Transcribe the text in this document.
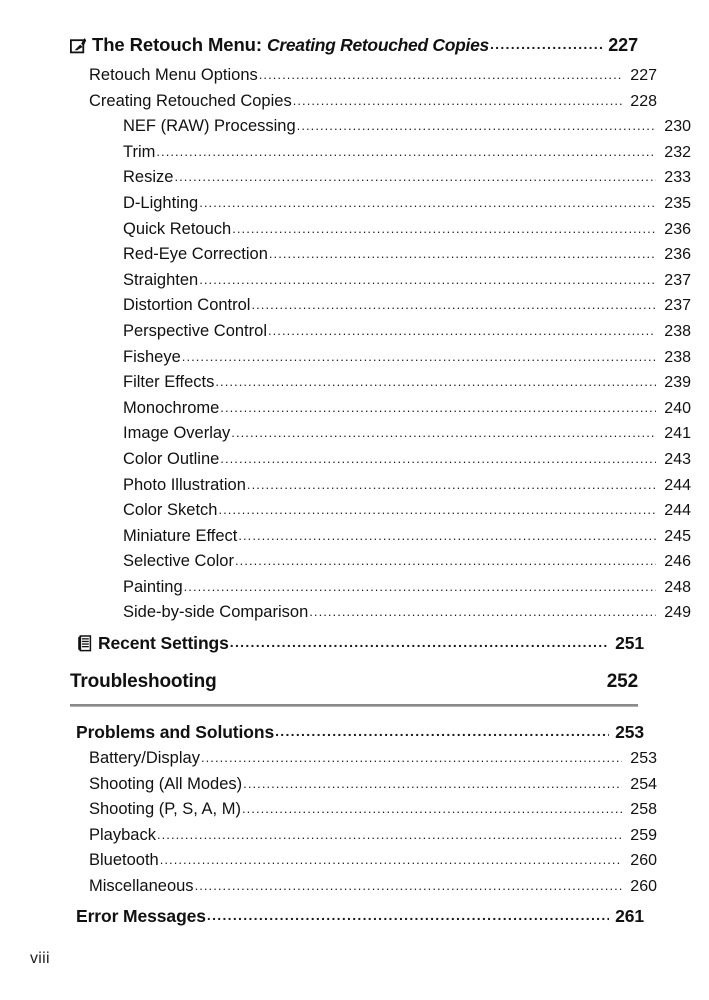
The Retouch Menu: Creating Retouched Copies .....	227
Retouch Menu Options .....	227
Creating Retouched Copies .....	228
NEF (RAW) Processing .....	230
Trim .....	232
Resize .....	233
D-Lighting .....	235
Quick Retouch .....	236
Red-Eye Correction .....	236
Straighten .....	237
Distortion Control .....	237
Perspective Control .....	238
Fisheye .....	238
Filter Effects .....	239
Monochrome .....	240
Image Overlay .....	241
Color Outline .....	243
Photo Illustration .....	244
Color Sketch .....	244
Miniature Effect .....	245
Selective Color .....	246
Painting .....	248
Side-by-side Comparison .....	249
Recent Settings .....	251
Troubleshooting	252
Problems and Solutions .....	253
Battery/Display .....	253
Shooting (All Modes) .....	254
Shooting (P, S, A, M) .....	258
Playback .....	259
Bluetooth .....	260
Miscellaneous .....	260
Error Messages .....	261
viii
